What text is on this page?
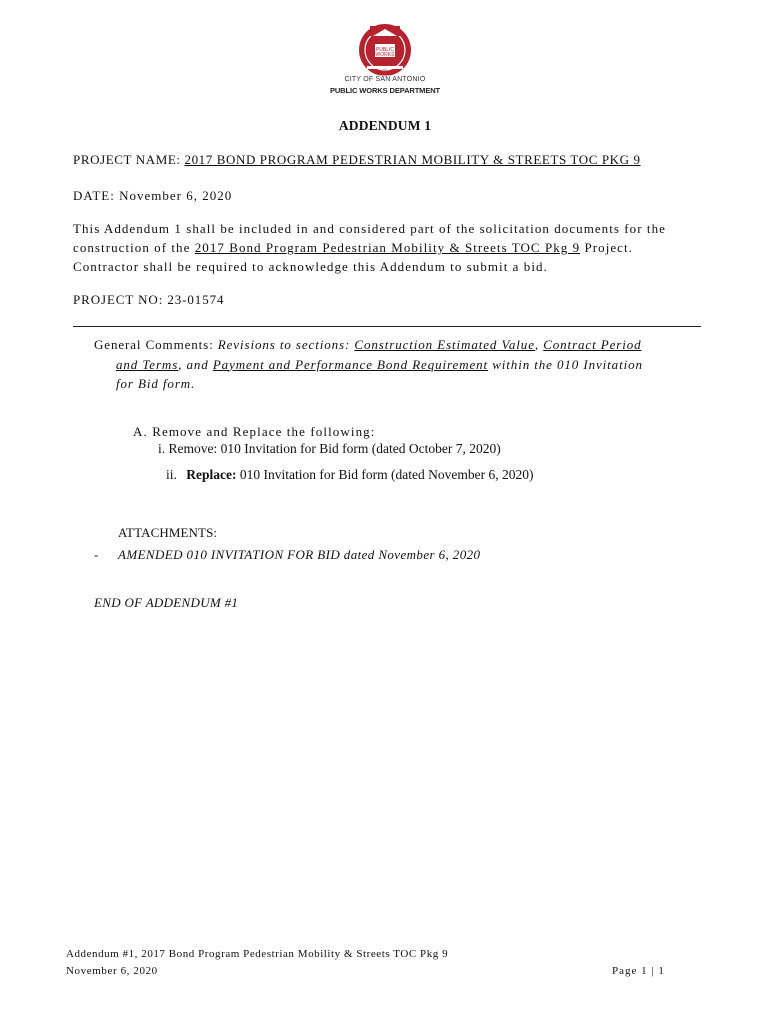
PUBLIC
WORKS
CITY OF SAN ANTONIO
PUBLIC WORKS DEPARTMENT
ADDENDUM 1
PROJECT NAME: 2017 BOND PROGRAM PEDESTRIAN MOBILITY & STREETS TOC PKG 9
DATE: November 6, 2020
This Addendum 1 shall be included in and considered part of the solicitation documents for the construction of the 2017 Bond Program Pedestrian Mobility & Streets TOC Pkg 9 Project. Contractor shall be required to acknowledge this Addendum to submit a bid.
PROJECT NO: 23-01574
General Comments: Revisions to sections: Construction Estimated Value, Contract Period
and Terms, and Payment and Performance Bond Requirement within the 010 Invitation
for Bid form.
A. Remove and Replace the following:
i. Remove: 010 Invitation for Bid form (dated October 7, 2020)
ii. Replace: 010 Invitation for Bid form (dated November 6, 2020)
ATTACHMENTS:
- AMENDED 010 INVITATION FOR BID dated November 6, 2020
END OF ADDENDUM #1
Addendum #1, 2017 Bond Program Pedestrian Mobility & Streets TOC Pkg 9
November 6, 2020	Page 1 | 1
